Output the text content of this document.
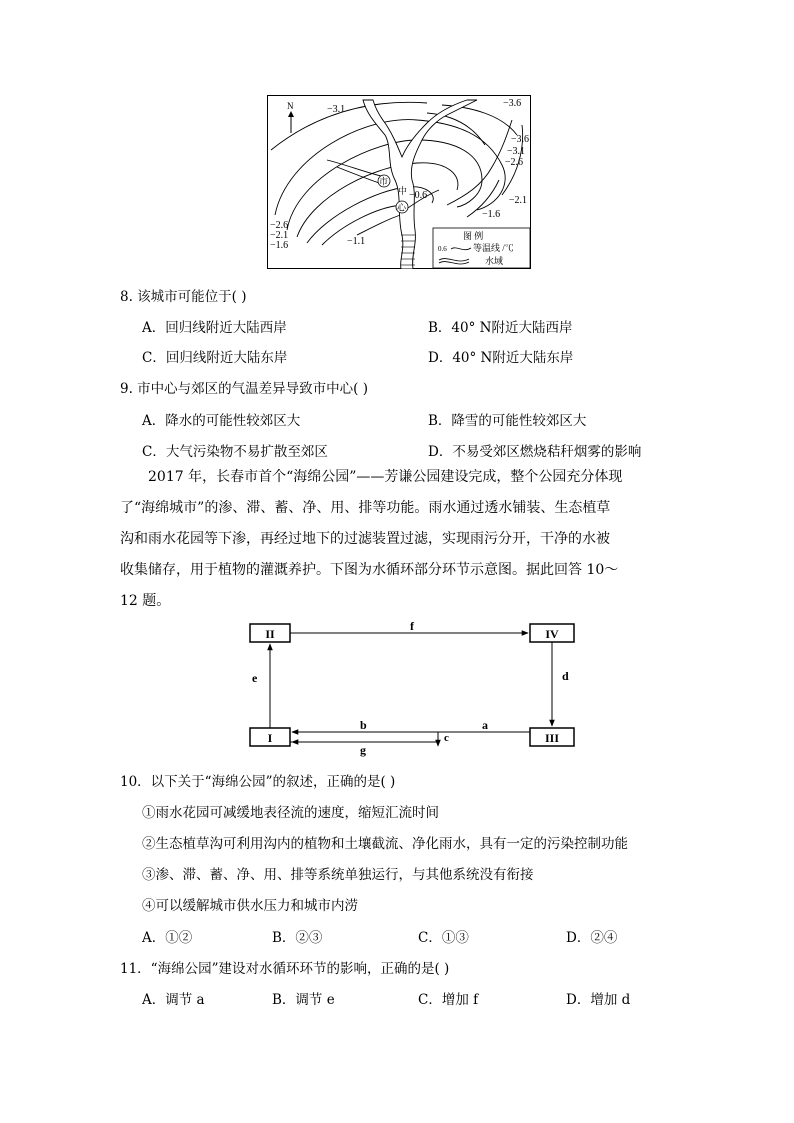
N
市
中
心
−3.1
−3.6
−3.6
−3.1
−2.6
−2.1
−1.6
−2.6
−2.1
−1.6	−1.1
−0.6
图 例
0.6	等温线 /℃
水域
8. 该城市可能位于( )
A．回归线附近大陆西岸	B．40° N附近大陆西岸
C．回归线附近大陆东岸	D．40° N附近大陆东岸
9. 市中心与郊区的气温差异导致市中心( )
A．降水的可能性较郊区大	B．降雪的可能性较郊区大
C．大气污染物不易扩散至郊区	D．不易受郊区燃烧秸秆烟雾的影响
2017 年，长春市首个“海绵公园”——芳谦公园建设完成，整个公园充分体现
了“海绵城市”的渗、滞、蓄、净、用、排等功能。雨水通过透水铺装、生态植草
沟和雨水花园等下渗，再经过地下的过滤装置过滤，实现雨污分开，干净的水被
收集储存，用于植物的灌溉养护。下图为水循环部分环节示意图。据此回答 10～
12 题。
II	IV
I	III
f
d
e
b	a
c
g
10．以下关于“海绵公园”的叙述，正确的是( )
①雨水花园可减缓地表径流的速度，缩短汇流时间
②生态植草沟可利用沟内的植物和土壤截流、净化雨水，具有一定的污染控制功能
③渗、滞、蓄、净、用、排等系统单独运行，与其他系统没有衔接
④可以缓解城市供水压力和城市内涝
A．①②	B．②③	C．①③	D．②④
11．“海绵公园”建设对水循环环节的影响，正确的是( )
A．调节 a	B．调节 e	C．增加 f	D．增加 d
